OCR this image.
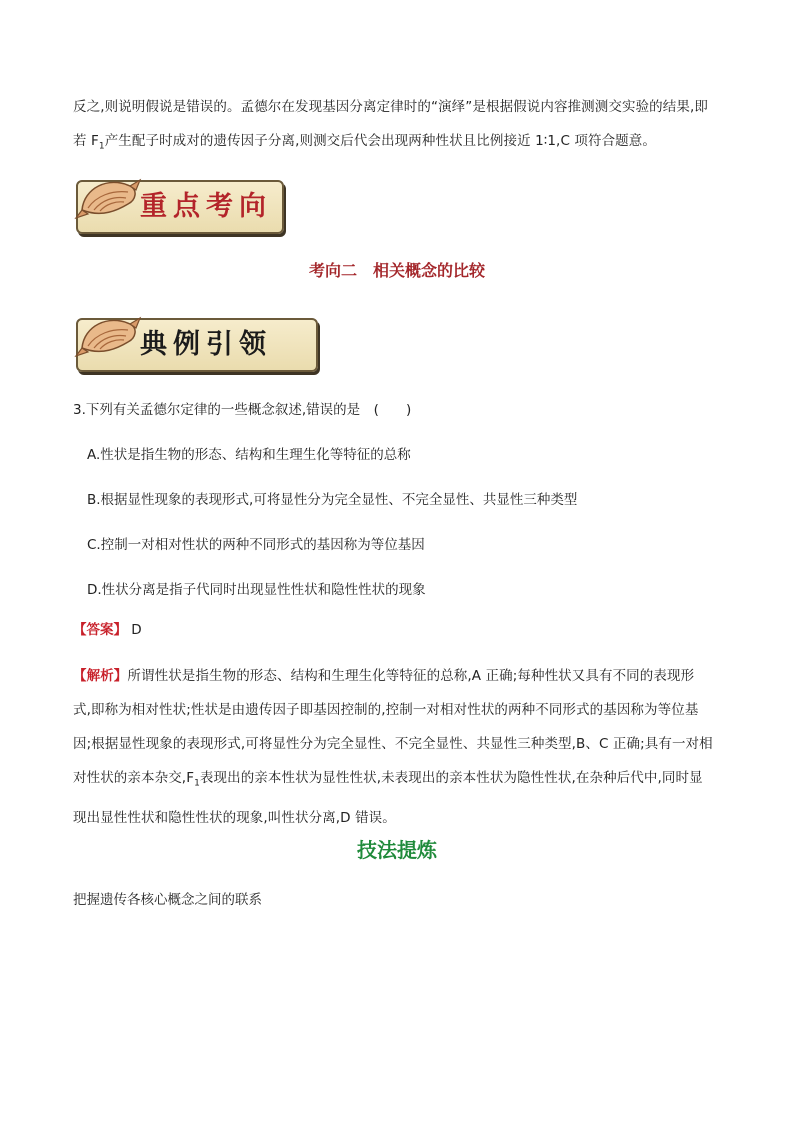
反之,则说明假说是错误的。孟德尔在发现基因分离定律时的“演绎”是根据假说内容推测测交实验的结果,即
若 $F_1$产生配子时成对的遗传因子分离,则测交后代会出现两种性状且比例接近 1∶1,C 项符合题意。
重点考向
考向二　相关概念的比较
典例引领
3.下列有关孟德尔定律的一些概念叙述,错误的是　(　　)
A.性状是指生物的形态、结构和生理生化等特征的总称
B.根据显性现象的表现形式,可将显性分为完全显性、不完全显性、共显性三种类型
C.控制一对相对性状的两种不同形式的基因称为等位基因
D.性状分离是指子代同时出现显性性状和隐性性状的现象
【答案】 D
【解析】所谓性状是指生物的形态、结构和生理生化等特征的总称,A 正确;每种性状又具有不同的表现形
式,即称为相对性状;性状是由遗传因子即基因控制的,控制一对相对性状的两种不同形式的基因称为等位基
因;根据显性现象的表现形式,可将显性分为完全显性、不完全显性、共显性三种类型,B、C 正确;具有一对相
对性状的亲本杂交$,F_1$表现出的亲本性状为显性性状,未表现出的亲本性状为隐性性状,在杂种后代中,同时显
现出显性性状和隐性性状的现象,叫性状分离,D 错误。
技法提炼
把握遗传各核心概念之间的联系
